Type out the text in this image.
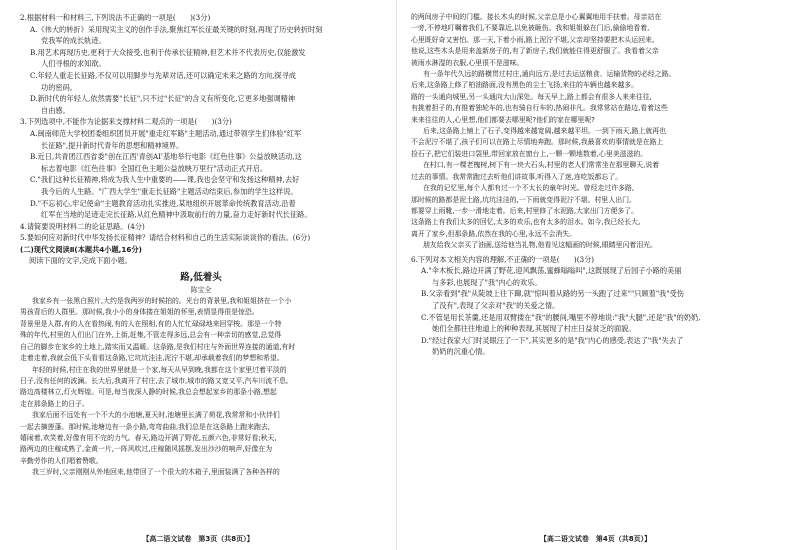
2.根据材料一和材料三,下列说法不正确的一项是(　　)(3分)
A.《伟大的转折》采用现实主义的创作手法,聚焦红军长征最关键的时刻,再现了历史转折时刻
党我军的成长轨迹。
B.用艺术再现历史,更利于大众接受,也利于传承长征精神,但艺术并不代表历史,仅能激发
人们寻根的求知欲。
C.年轻人重走长征路,不仅可以用脚步与先辈对话,还可以确定未来之路的方向,探寻成
功的密码。
D.新时代的年轻人,依然需要"长征",只不过"长征"的含义有所变化,它更多地强调精神
自由感。
3.下列选项中,不能作为论据来支撑材料二观点的一项是(　　)(3分)
A.闽南师范大学校团委组织团员开展"重走红军路"主题活动,通过带领学生们体验"红军
长征路",提升新时代青年的思想和精神境界。
B.近日,共青团江西省委"创在江西'青创AI'基地举行电影《红色往事》公益放映活动,这
标志着电影《红色往事》全国红色主题公益放映万里行"活动正式开启。
C."我们这种长征精神,将成为我人生中重要的——课,我也会坚守和发扬这种精神,去好
我今后的人生路。"广西大学生"重走长征路"主题活动结束后,参加的学生这样说。
D."不忘初心,牢记使命"主题教育活动扎实推进,某地组织开展革命传统教育活动,沿着
红军在当地的足迹走完长征路,从红色精神中汲取前行的力量,奋力走好新时代长征路。
4.请简要说明材料二的论证思路。(4分)
5.要如何应对新时代中华发扬长征精神？请结合材料和自己的生活实际谈谈你的看法。(6分)
(二)现代文阅读Ⅱ(本题共4小题,16分)
阅读下面的文字,完成下面小题。
路,低着头
陈宝全
我家乡有一张黑白照片,大约是我两岁的时候拍的。光台的背景里,我和姐姐挤在一个小
男孩背后的人群里。那时候,我小小的身体搂在姐姐的怀里,表情显得很是惊恐。
背景里是人群,有的人在看热闹,有的人在照相,有的人忙忙碌碌地来回穿梭。那是一个特
殊的年代,村里的人们出门在外,上街,赶集,不管走得多远,总会有一种亲切的感觉,总觉得
自己的脚步在家乡的土地上,踏实而又温暖。这条路,是我们村庄与外面世界连接的通道,有时
走着走着,我就会低下头看看这条路,它坑坑洼洼,泥泞不堪,却承载着我们的梦想和希望。
年轻的时候,村庄在我的世界里就是一个家,每天从早到晚,我都在这个家里过着平淡的
日子,没有任何的波澜。长大后,我离开了村庄,去了城市,城市的路又宽又平,汽车川流不息,
路边高楼林立,灯火辉煌。可是,每当夜深人静的时候,我总会想起家乡的那条小路,想起
走在那条路上的日子。
我家后面不远处有一个不大的小池塘,夏天时,池塘里长满了荷花,我常常和小伙伴们
一起去摘莲蓬。那时候,池塘边有一条小路,弯弯曲曲,我们总是在这条路上跑来跑去,
嬉闹着,欢笑着,好像有用不完的力气。春天,路边开满了野花,五颜六色,非常好看;秋天,
路两边的庄稼成熟了,金黄一片,一阵风吹过,庄稼随风摇摆,发出沙沙的响声,好像在为
辛勤劳作的人们唱着赞歌。
我三岁时,父亲刚刚从外地回来,他带回了一个很大的木箱子,里面装满了各种各样的
【高二语文试卷　第3页（共8页）】
的两间房子中间的门槛。接长木头的时候,父亲总是小心翼翼地用手扶着。母亲站在
一旁,不停地叮嘱着我们,不要靠近,以免被砸伤。我和姐姐躲在门后,偷偷地看着,
心里既好奇又害怕。那一天,下着小雨,路上泥泞不堪,父亲却坚持要把木头运回来。
他说,这些木头是用来盖新房子的,有了新房子,我们就能住得更舒服了。我看着父亲
被雨水淋湿的衣服,心里很不是滋味。
有一条年代久远的路横贯过村庄,通向远方,是过去运送粮食、运输货物的必经之路。
后来,这条路上修了柏油路面,没有黑色的尘土飞扬,来往的车辆也越来越多。
路的一头通向城里,另一头通向大山深处。每天早上,路上都会有很多人来来往往,
有挑着担子的,有推着独轮车的,也有骑自行车的,热闹非凡。我常常站在路边,看着这些
来来往往的人,心里想,他们都要去哪里呢?他们的家在哪里呢?
后来,这条路上铺上了石子,变得越来越宽阔,越来越平坦。一到下雨天,路上就再也
不会泥泞不堪了,孩子们可以在路上尽情地奔跑。那时候,我最喜欢的事情就是在路上
捡石子,把它们装进口袋里,带回家放在窗台上,一颗一颗地数着,心里美滋滋的。
在村口,有一棵老槐树,树下有一块大石头,村里的老人们常常坐在那里聊天,说着
过去的事情。我常常跑过去听他们讲故事,听得入了迷,连吃饭都忘了。
在我的记忆里,每个人都有过一个不太长的童年时光。曾经走过许多路,
那时候的路都是泥土路,坑坑洼洼的,一下雨就变得泥泞不堪。村里人出门,
都要穿上雨靴,一步一滑地走着。后来,村里修了水泥路,大家出门方便多了。
这条路上有我们太多的回忆,太多的欢乐,也有太多的泪水。如今,我已经长大,
离开了家乡,但那条路,依然在我的心里,永远不会消失。
朋友给我父亲买了油画,送给他当礼物,他看见这幅画的时候,眼睛里闪着泪光。
6.下列对本文相关内容的理解,不正确的一项是(　　)(3分)
A."伞木板长,路边开满了野花,迎风飘荡,蜜蜂嗡嗡叫",这既展现了后园子小路的美丽
与多彩,也展现了"我"内心的欢乐。
B.父亲看到"我"从陡坡上往下蹿,就"惊叫着从路的另一头跑了过来""只顾着"我"受伤
了没有",表现了父亲对"我"的关爱之情。
C.不管是用长茶羹,还是用双臂搂在"我"的腰间,嘴里不停地说:"我"大腿",还是"我"的奶奶,
她们全都往往地道上的种种表现,其展现了村庄日益贫乏的面貌。
D."经过我家大门时灵眼汪了一下",其实更多的是"我"内心的感受,表达了"我"失去了
奶奶的沉重心情。
【高二语文试卷　第4页（共8页）】
